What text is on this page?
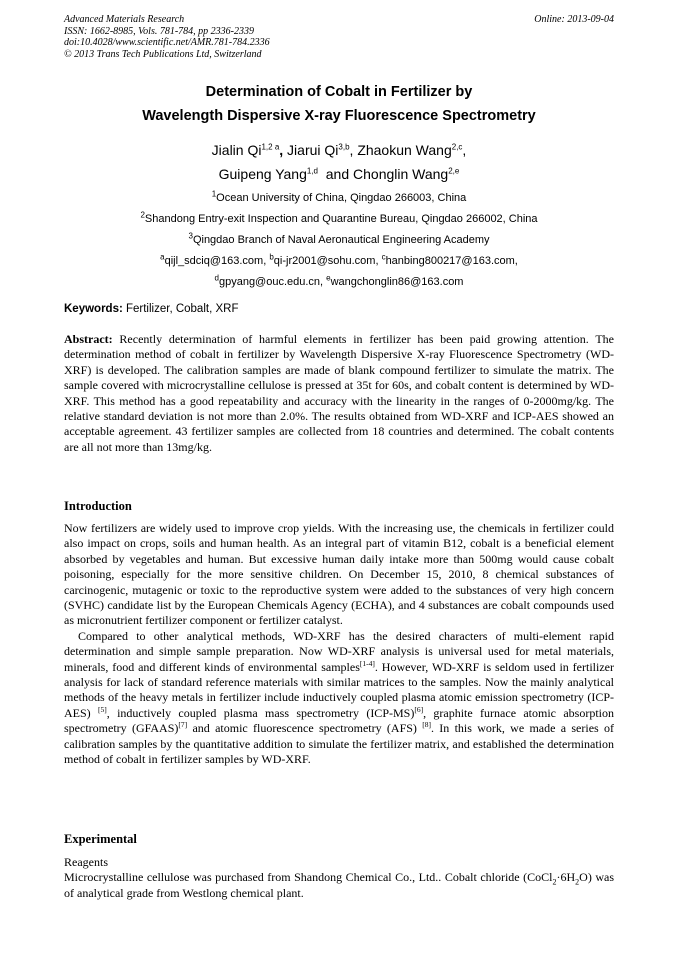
Advanced Materials Research
ISSN: 1662-8985, Vols. 781-784, pp 2336-2339
doi:10.4028/www.scientific.net/AMR.781-784.2336
© 2013 Trans Tech Publications Ltd, Switzerland
Online: 2013-09-04
Determination of Cobalt in Fertilizer by
Wavelength Dispersive X-ray Fluorescence Spectrometry
Jialin $Qi^{1,2 a}$, Jiarui Qi$^{3,b}$, Zhaokun Wang$^{2,c}$,
Guipeng Yang$^{1,d}$  and Chonglin Wang$^{2,e}$
$^1$Ocean University of China, Qingdao 266003, China
$^2$Shandong Entry-exit Inspection and Quarantine Bureau, Qingdao 266002, China
$^3$Qingdao Branch of Naval Aeronautical Engineering Academy
$^a$qijl_sdciq@163.com, $^b$qi-jr2001@sohu.com, $^c$hanbing800217@163.com,
$^d$gpyang@ouc.edu.cn, $^e$wangchonglin86@163.com
Keywords: Fertilizer, Cobalt, XRF
Abstract: Recently determination of harmful elements in fertilizer has been paid growing attention. The determination method of cobalt in fertilizer by Wavelength Dispersive X-ray Fluorescence Spectrometry (WD-XRF) is developed. The calibration samples are made of blank compound fertilizer to simulate the matrix. The sample covered with microcrystalline cellulose is pressed at 35t for 60s, and cobalt content is determined by WD-XRF. This method has a good repeatability and accuracy with the linearity in the ranges of 0-2000mg/kg. The relative standard deviation is not more than 2.0%. The results obtained from WD-XRF and ICP-AES showed an acceptable agreement. 43 fertilizer samples are collected from 18 countries and determined. The cobalt contents are all not more than 13mg/kg.
Introduction

Now fertilizers are widely used to improve crop yields. With the increasing use, the chemicals in fertilizer could also impact on crops, soils and human health. As an integral part of vitamin B12, cobalt is a beneficial element absorbed by vegetables and human. But excessive human daily intake more than 500mg would cause cobalt poisoning, especially for the more sensitive children. On December 15, 2010, 8 chemical substances of carcinogenic, mutagenic or toxic to the reproductive system were added to the substances of very high concern (SVHC) candidate list by the European Chemicals Agency (ECHA), and 4 substances are cobalt compounds used as micronutrient fertilizer component or fertilizer catalyst.

Compared to other analytical methods, WD-XRF has the desired characters of multi-element rapid determination and simple sample preparation. Now WD-XRF analysis is universal used for metal materials, minerals, food and different kinds of environmental samples[1-4]. However, WD-XRF is seldom used in fertilizer analysis for lack of standard reference materials with similar matrices to the samples. Now the mainly analytical methods of the heavy metals in fertilizer include inductively coupled plasma atomic emission spectrometry (ICP-AES) [5], inductively coupled plasma mass spectrometry (ICP-MS)[6], graphite furnace atomic absorption spectrometry (GFAAS)[7] and atomic fluorescence spectrometry (AFS) [8]. In this work, we made a series of calibration samples by the quantitative addition to simulate the fertilizer matrix, and established the determination method of cobalt in fertilizer samples by WD-XRF.

Experimental

Reagents

Microcrystalline cellulose was purchased from Shandong Chemical Co., Ltd.. Cobalt chloride $(CoCl_2\cdot 6H_2O)$ was of analytical grade from Westlong chemical plant.
